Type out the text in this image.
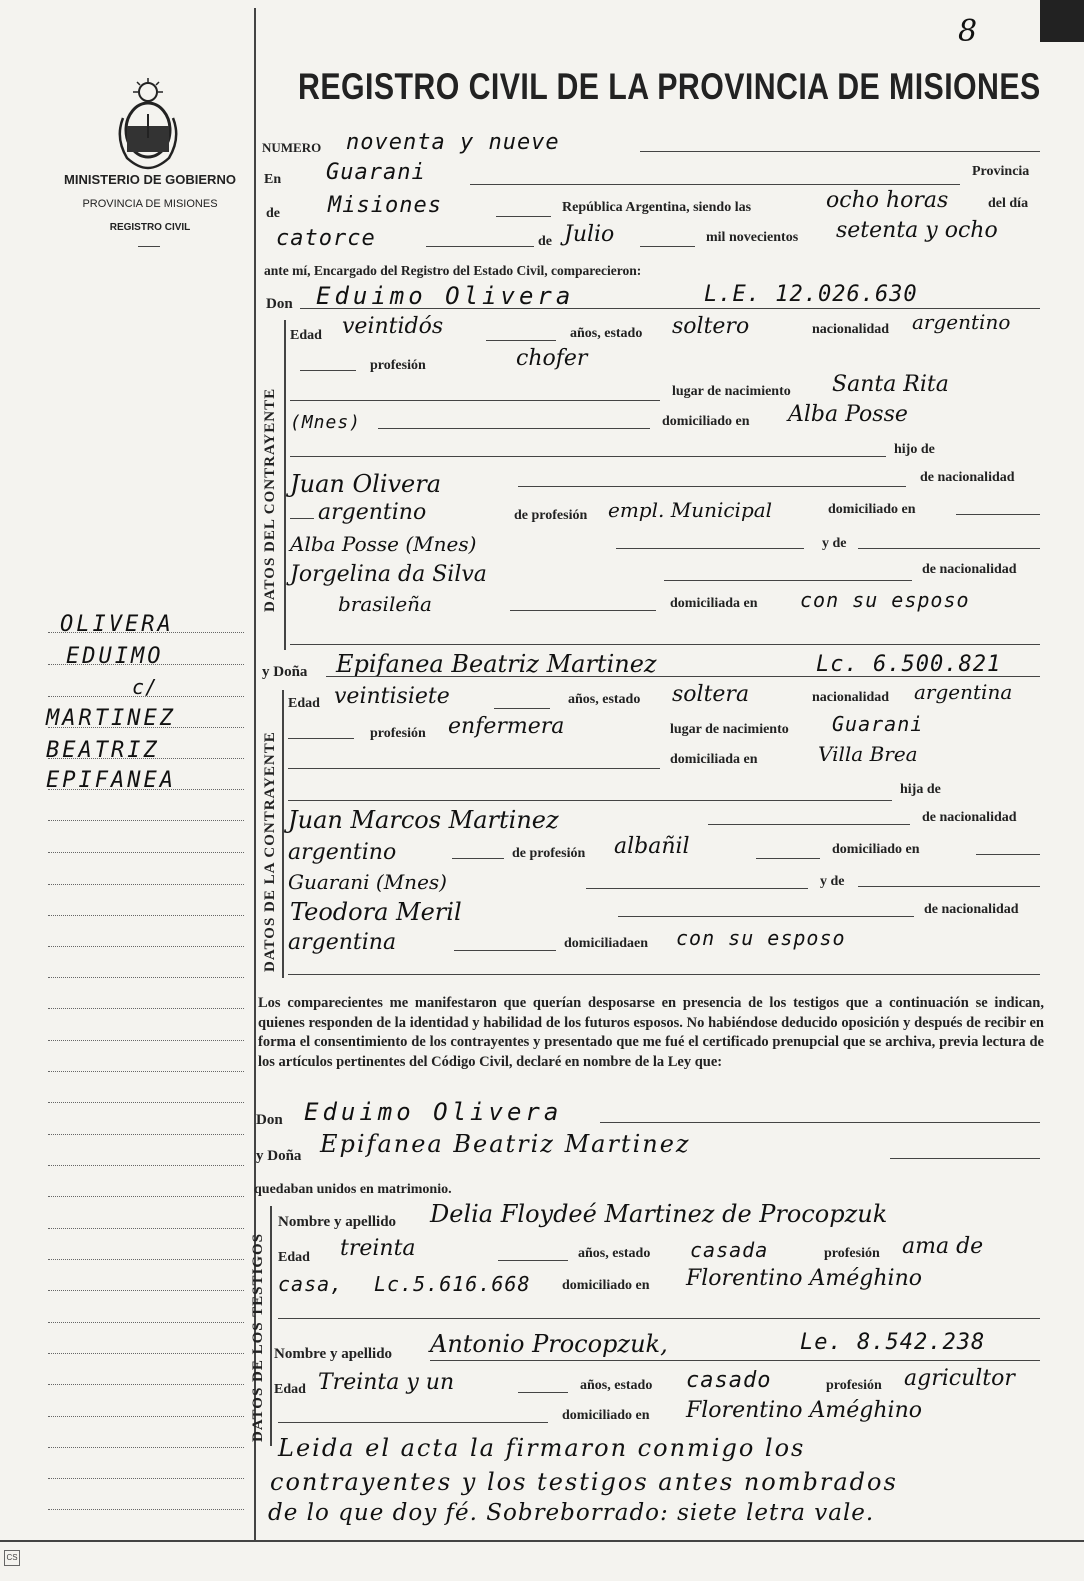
8
MINISTERIO DE GOBIERNO
PROVINCIA DE MISIONES
REGISTRO CIVIL
OLIVERA
EDUIMO
c/
MARTINEZ
BEATRIZ
EPIFANEA
REGISTRO CIVIL DE LA PROVINCIA DE MISIONES
NUMERO noventa y nueve
En Guarani	Provincia
de Misiones	República Argentina, siendo las	ocho horas	del día
catorce	de Julio	mil novecientos setenta y ocho
ante mí, Encargado del Registro del Estado Civil, comparecieron:
Don Eduimo Olivera	L.E. 12.026.630
DATOS DEL CONTRAYENTE
Edad veintidós	años, estado soltero	nacionalidad argentino
profesión	chofer
lugar de nacimiento Santa Rita
(Mnes)	domiciliado en Alba Posse
hijo de
Juan Olivera	de nacionalidad
argentino	de profesión empl. Municipal	domiciliado en
Alba Posse (Mnes)	y de
Jorgelina da Silva	de nacionalidad
brasileña	domiciliada en con su esposo
y Doña Epifanea Beatriz Martinez	Lc. 6.500.821
DATOS DE LA CONTRAYENTE
Edad veintisiete	años, estado soltera	nacionalidad argentina
profesión enfermera	lugar de nacimiento Guarani
domiciliada en	Villa Brea
hija de
Juan Marcos Martinez	de nacionalidad
argentino	de profesión albañil	domiciliado en
Guarani (Mnes)	y de
Teodora Meril	de nacionalidad
argentina	domiciliadaen con su esposo
Los comparecientes me manifestaron que querían desposarse en presencia de los testigos que a continuación se indican, quienes responden de la identidad y habilidad de los futuros esposos. No habiéndose deducido oposición y después de recibir en forma el consentimiento de los contrayentes y presentado que me fué el certificado prenupcial que se archiva, previa lectura de los artículos pertinentes del Código Civil, declaré en nombre de la Ley que:
Don Eduimo Olivera
y Doña Epifanea Beatriz Martinez
quedaban unidos en matrimonio.
DATOS DE LOS TESTIGOS
Nombre y apellido Delia Floydeé Martinez de Procopzuk
Edad treinta	años, estado casada	profesión ama de
casa, Lc.5.616.668 domiciliado en Florentino Améghino
Nombre y apellido Antonio Procopzuk,	Le. 8.542.238
Edad Treinta y un	años, estado casado	profesión agricultor
domiciliado en Florentino Améghino
Leida el acta la firmaron conmigo los
contrayentes y los testigos antes nombrados
de lo que doy fé. Sobreborrado: siete letra vale.
CS
